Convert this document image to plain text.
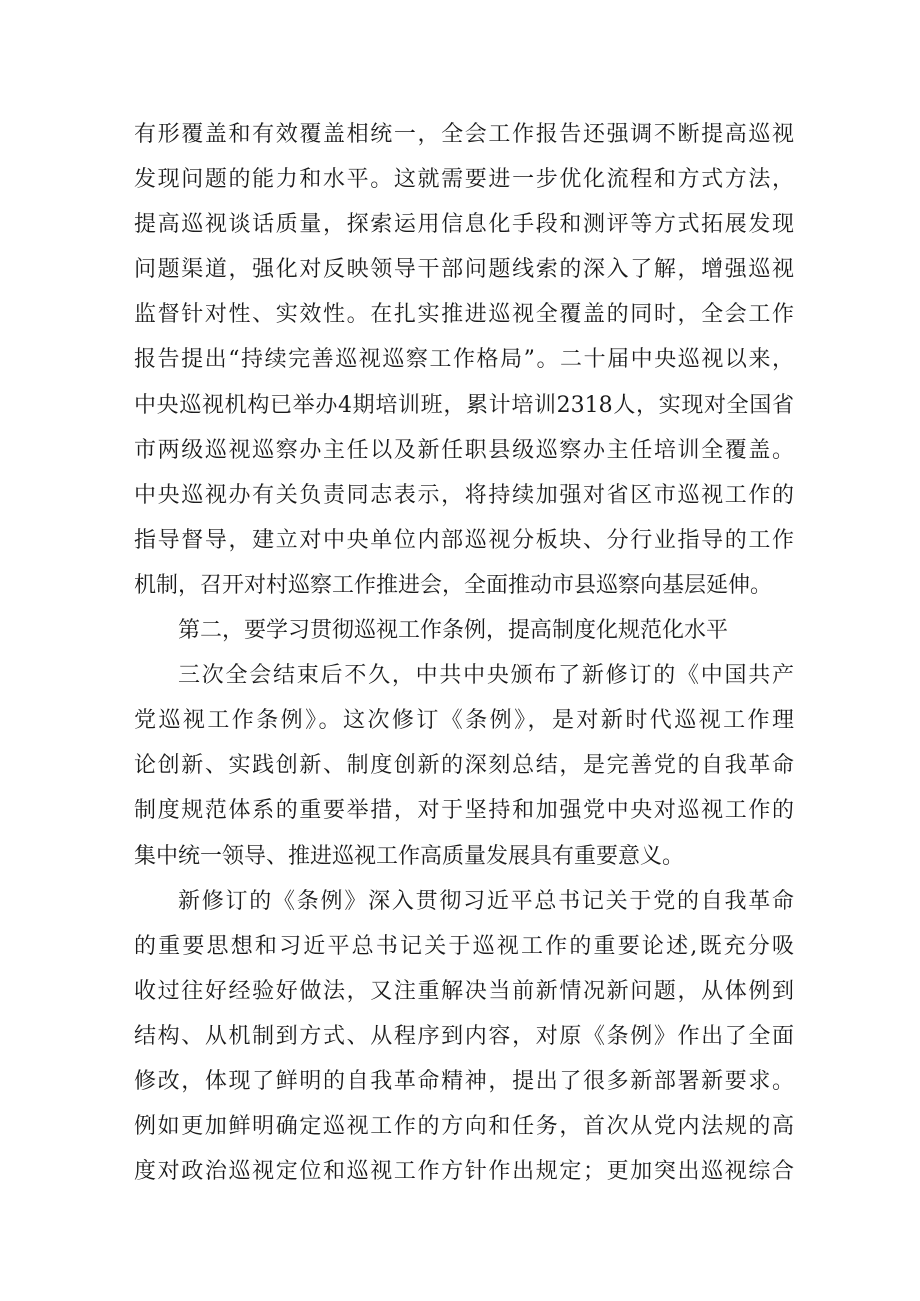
有形覆盖和有效覆盖相统一，全会工作报告还强调不断提高巡视
发现问题的能力和水平。这就需要进一步优化流程和方式方法，
提高巡视谈话质量，探索运用信息化手段和测评等方式拓展发现
问题渠道，强化对反映领导干部问题线索的深入了解，增强巡视
监督针对性、实效性。在扎实推进巡视全覆盖的同时，全会工作
报告提出“持续完善巡视巡察工作格局”。二十届中央巡视以来，
中央巡视机构已举办4期培训班，累计培训2318人，实现对全国省
市两级巡视巡察办主任以及新任职县级巡察办主任培训全覆盖。
中央巡视办有关负责同志表示，将持续加强对省区市巡视工作的
指导督导，建立对中央单位内部巡视分板块、分行业指导的工作
机制，召开对村巡察工作推进会，全面推动市县巡察向基层延伸。
第二，要学习贯彻巡视工作条例，提高制度化规范化水平
三次全会结束后不久，中共中央颁布了新修订的《中国共产
党巡视工作条例》。这次修订《条例》，是对新时代巡视工作理
论创新、实践创新、制度创新的深刻总结，是完善党的自我革命
制度规范体系的重要举措，对于坚持和加强党中央对巡视工作的
集中统一领导、推进巡视工作高质量发展具有重要意义。
新修订的《条例》深入贯彻习近平总书记关于党的自我革命
的重要思想和习近平总书记关于巡视工作的重要论述,既充分吸
收过往好经验好做法，又注重解决当前新情况新问题，从体例到
结构、从机制到方式、从程序到内容，对原《条例》作出了全面
修改，体现了鲜明的自我革命精神，提出了很多新部署新要求。
例如更加鲜明确定巡视工作的方向和任务，首次从党内法规的高
度对政治巡视定位和巡视工作方针作出规定；更加突出巡视综合
